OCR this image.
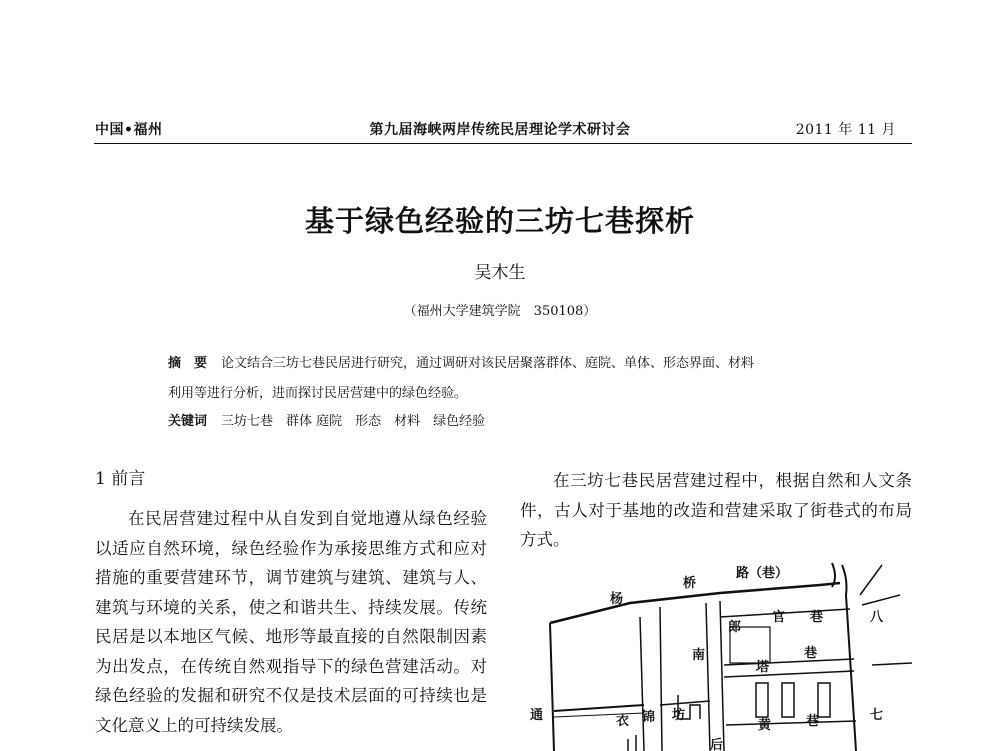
中国•福州	第九届海峡两岸传统民居理论学术研讨会	2011 年 11 月
基于绿色经验的三坊七巷探析
吴木生
（福州大学建筑学院　350108）
摘　要 论文结合三坊七巷民居进行研究，通过调研对该民居聚落群体、庭院、单体、形态界面、材料
利用等进行分析，进而探讨民居营建中的绿色经验。
关键词 三坊七巷　群体 庭院　形态　材料　绿色经验
1 前言

在民居营建过程中从自发到自觉地遵从绿色经验以适应自然环境，绿色经验作为承接思维方式和应对措施的重要营建环节，调节建筑与建筑、建筑与人、建筑与环境的关系，使之和谐共生、持续发展。传统民居是以本地区气候、地形等最直接的自然限制因素为出发点，在传统自然观指导下的绿色营建活动。对绿色经验的发掘和研究不仅是技术层面的可持续也是文化意义上的可持续发展。

在三坊七巷民居营建过程中，根据自然和人文条件，古人对于基地的改造和营建采取了街巷式的布局方式。

杨
桥
路（巷）
郎
官 巷
塔
巷
黄	巷
南
衣 锦 坊
八
七
通
后
